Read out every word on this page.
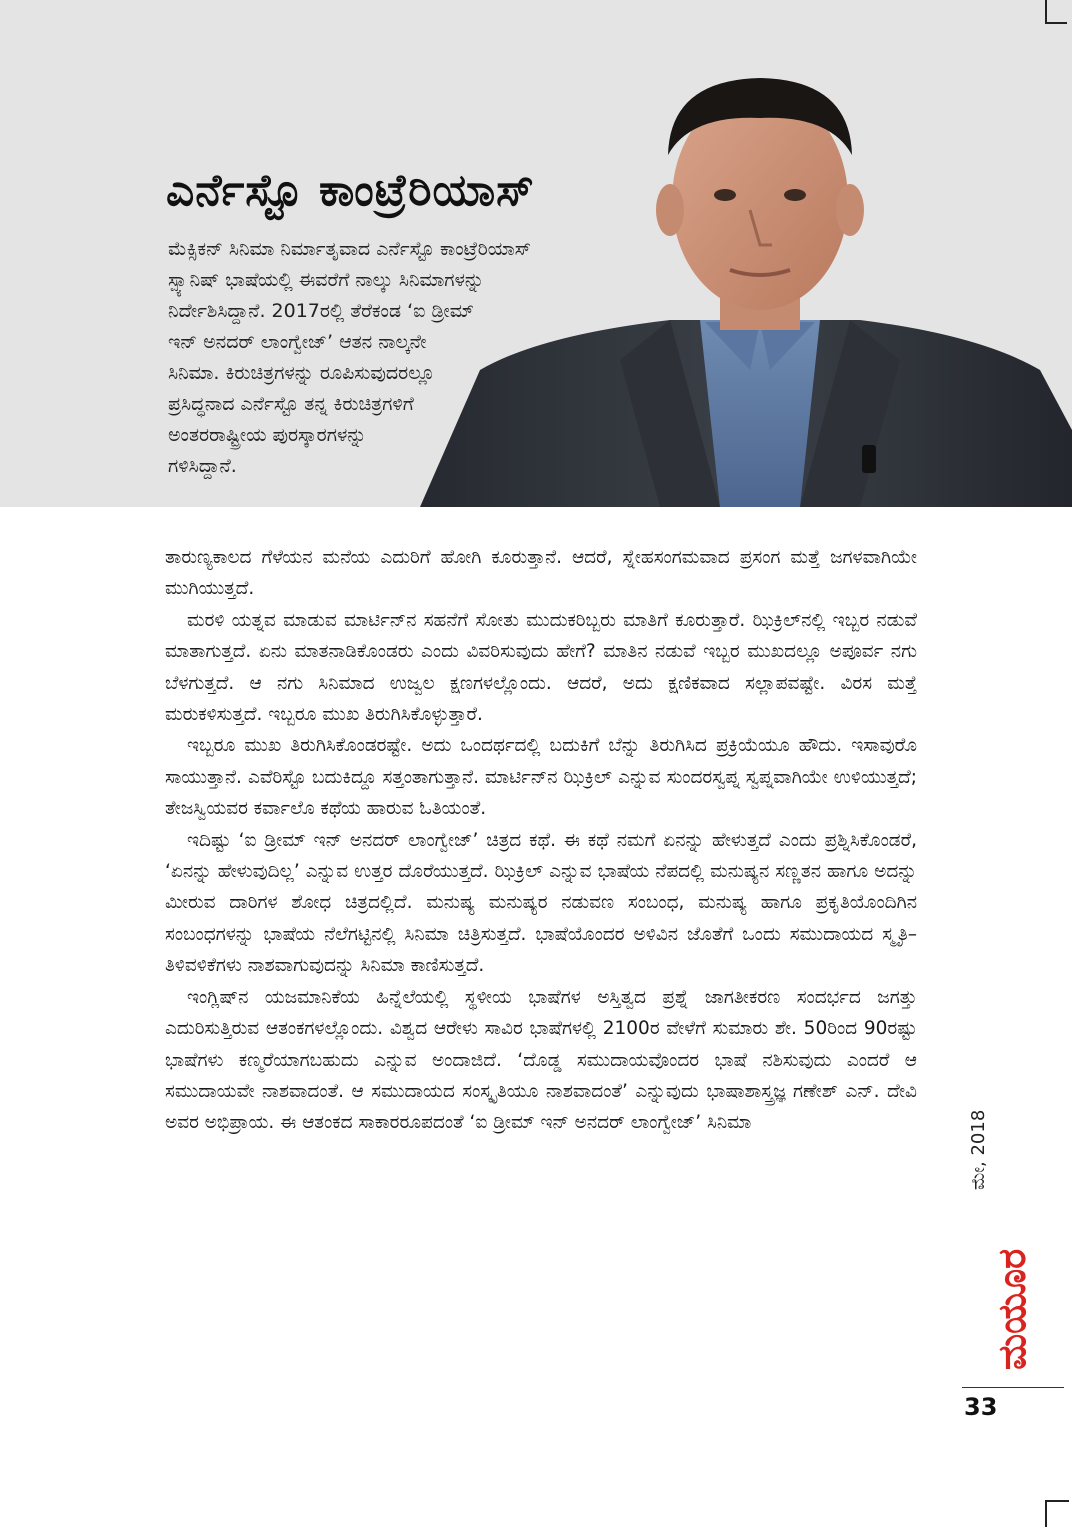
ಎರ್ನೆಸ್ಟೊ ಕಾಂಟ್ರೆರಿಯಾಸ್
ಮೆಕ್ಸಿಕನ್ ಸಿನಿಮಾ ನಿರ್ಮಾತೃವಾದ ಎರ್ನೆಸ್ಟೊ ಕಾಂಟ್ರೆರಿಯಾಸ್
ಸ್ಪ್ಯಾನಿಷ್ ಭಾಷೆಯಲ್ಲಿ ಈವರೆಗೆ ನಾಲ್ಕು ಸಿನಿಮಾಗಳನ್ನು
ನಿರ್ದೇಶಿಸಿದ್ದಾನೆ. 2017ರಲ್ಲಿ ತೆರೆಕಂಡ ‘ಐ ಡ್ರೀಮ್
ಇನ್ ಅನದರ್ ಲಾಂಗ್ವೇಜ್’ ಆತನ ನಾಲ್ಕನೇ
ಸಿನಿಮಾ. ಕಿರುಚಿತ್ರಗಳನ್ನು ರೂಪಿಸುವುದರಲ್ಲೂ
ಪ್ರಸಿದ್ಧನಾದ ಎರ್ನೆಸ್ಟೊ ತನ್ನ ಕಿರುಚಿತ್ರಗಳಿಗೆ
ಅಂತರರಾಷ್ಟ್ರೀಯ ಪುರಸ್ಕಾರಗಳನ್ನು
ಗಳಿಸಿದ್ದಾನೆ.

ತಾರುಣ್ಯಕಾಲದ ಗೆಳೆಯನ ಮನೆಯ ಎದುರಿಗೆ ಹೋಗಿ ಕೂರುತ್ತಾನೆ. ಆದರೆ, ಸ್ನೇಹಸಂಗಮವಾದ ಪ್ರಸಂಗ ಮತ್ತೆ ಜಗಳವಾಗಿಯೇ ಮುಗಿಯುತ್ತದೆ.

ಮರಳಿ ಯತ್ನವ ಮಾಡುವ ಮಾರ್ಟಿನ್‌ನ ಸಹನೆಗೆ ಸೋತು ಮುದುಕರಿಬ್ಬರು ಮಾತಿಗೆ ಕೂರುತ್ತಾರೆ. ಝಿಕ್ರಿಲ್‌ನಲ್ಲಿ ಇಬ್ಬರ ನಡುವೆ ಮಾತಾಗುತ್ತದೆ. ಏನು ಮಾತನಾಡಿಕೊಂಡರು ಎಂದು ವಿವರಿಸುವುದು ಹೇಗೆ? ಮಾತಿನ ನಡುವೆ ಇಬ್ಬರ ಮುಖದಲ್ಲೂ ಅಪೂರ್ವ ನಗು ಬೆಳಗುತ್ತದೆ. ಆ ನಗು ಸಿನಿಮಾದ ಉಜ್ವಲ ಕ್ಷಣಗಳಲ್ಲೊಂದು. ಆದರೆ, ಅದು ಕ್ಷಣಿಕವಾದ ಸಲ್ಲಾಪವಷ್ಟೇ. ವಿರಸ ಮತ್ತೆ ಮರುಕಳಿಸುತ್ತದೆ. ಇಬ್ಬರೂ ಮುಖ ತಿರುಗಿಸಿಕೊಳ್ಳುತ್ತಾರೆ.

ಇಬ್ಬರೂ ಮುಖ ತಿರುಗಿಸಿಕೊಂಡರಷ್ಟೇ. ಅದು ಒಂದರ್ಥದಲ್ಲಿ ಬದುಕಿಗೆ ಬೆನ್ನು ತಿರುಗಿಸಿದ ಪ್ರಕ್ರಿಯೆಯೂ ಹೌದು. ಇಸಾವುರೊ ಸಾಯುತ್ತಾನೆ. ಎವೆರಿಸ್ಟೊ ಬದುಕಿದ್ದೂ ಸತ್ತಂತಾಗುತ್ತಾನೆ. ಮಾರ್ಟಿನ್‌ನ ಝಿಕ್ರಿಲ್ ಎನ್ನುವ ಸುಂದರಸ್ವಪ್ನ ಸ್ವಪ್ನವಾಗಿಯೇ ಉಳಿಯುತ್ತದೆ; ತೇಜಸ್ವಿಯವರ ಕರ್ವಾಲೊ ಕಥೆಯ ಹಾರುವ ಓತಿಯಂತೆ.

ಇದಿಷ್ಟು ‘ಐ ಡ್ರೀಮ್ ಇನ್ ಅನದರ್ ಲಾಂಗ್ವೇಜ್’ ಚಿತ್ರದ ಕಥೆ. ಈ ಕಥೆ ನಮಗೆ ಏನನ್ನು ಹೇಳುತ್ತದೆ ಎಂದು ಪ್ರಶ್ನಿಸಿಕೊಂಡರೆ, ‘ಏನನ್ನು ಹೇಳುವುದಿಲ್ಲ’ ಎನ್ನುವ ಉತ್ತರ ದೊರೆಯುತ್ತದೆ. ಝಿಕ್ರಿಲ್ ಎನ್ನುವ ಭಾಷೆಯ ನೆಪದಲ್ಲಿ ಮನುಷ್ಯನ ಸಣ್ಣತನ ಹಾಗೂ ಅದನ್ನು ಮೀರುವ ದಾರಿಗಳ ಶೋಧ ಚಿತ್ರದಲ್ಲಿದೆ. ಮನುಷ್ಯ ಮನುಷ್ಯರ ನಡುವಣ ಸಂಬಂಧ, ಮನುಷ್ಯ ಹಾಗೂ ಪ್ರಕೃತಿಯೊಂದಿಗಿನ ಸಂಬಂಧಗಳನ್ನು ಭಾಷೆಯ ನೆಲೆಗಟ್ಟಿನಲ್ಲಿ ಸಿನಿಮಾ ಚಿತ್ರಿಸುತ್ತದೆ. ಭಾಷೆಯೊಂದರ ಅಳಿವಿನ ಜೊತೆಗೆ ಒಂದು ಸಮುದಾಯದ ಸ್ಮೃತಿ–ತಿಳಿವಳಿಕೆಗಳು ನಾಶವಾಗುವುದನ್ನು ಸಿನಿಮಾ ಕಾಣಿಸುತ್ತದೆ.

ಇಂಗ್ಲಿಷ್‌ನ ಯಜಮಾನಿಕೆಯ ಹಿನ್ನೆಲೆಯಲ್ಲಿ ಸ್ಥಳೀಯ ಭಾಷೆಗಳ ಅಸ್ತಿತ್ವದ ಪ್ರಶ್ನೆ ಜಾಗತೀಕರಣ ಸಂದರ್ಭದ ಜಗತ್ತು ಎದುರಿಸುತ್ತಿರುವ ಆತಂಕಗಳಲ್ಲೊಂದು. ವಿಶ್ವದ ಆರೇಳು ಸಾವಿರ ಭಾಷೆಗಳಲ್ಲಿ 2100ರ ವೇಳೆಗೆ ಸುಮಾರು ಶೇ. 50ರಿಂದ 90ರಷ್ಟು ಭಾಷೆಗಳು ಕಣ್ಮರೆಯಾಗಬಹುದು ಎನ್ನುವ ಅಂದಾಜಿದೆ. ‘ದೊಡ್ಡ ಸಮುದಾಯವೊಂದರ ಭಾಷೆ ನಶಿಸುವುದು ಎಂದರೆ ಆ ಸಮುದಾಯವೇ ನಾಶವಾದಂತೆ. ಆ ಸಮುದಾಯದ ಸಂಸ್ಕೃತಿಯೂ ನಾಶವಾದಂತೆ’ ಎನ್ನುವುದು ಭಾಷಾಶಾಸ್ತ್ರಜ್ಞ ಗಣೇಶ್ ಎನ್. ದೇವಿ ಅವರ ಅಭಿಪ್ರಾಯ. ಈ ಆತಂಕದ ಸಾಕಾರರೂಪದಂತೆ ‘ಐ ಡ್ರೀಮ್ ಇನ್ ಅನದರ್ ಲಾಂಗ್ವೇಜ್’ ಸಿನಿಮಾ	ಮೇ, 2018
ಮಯೂರ
33
